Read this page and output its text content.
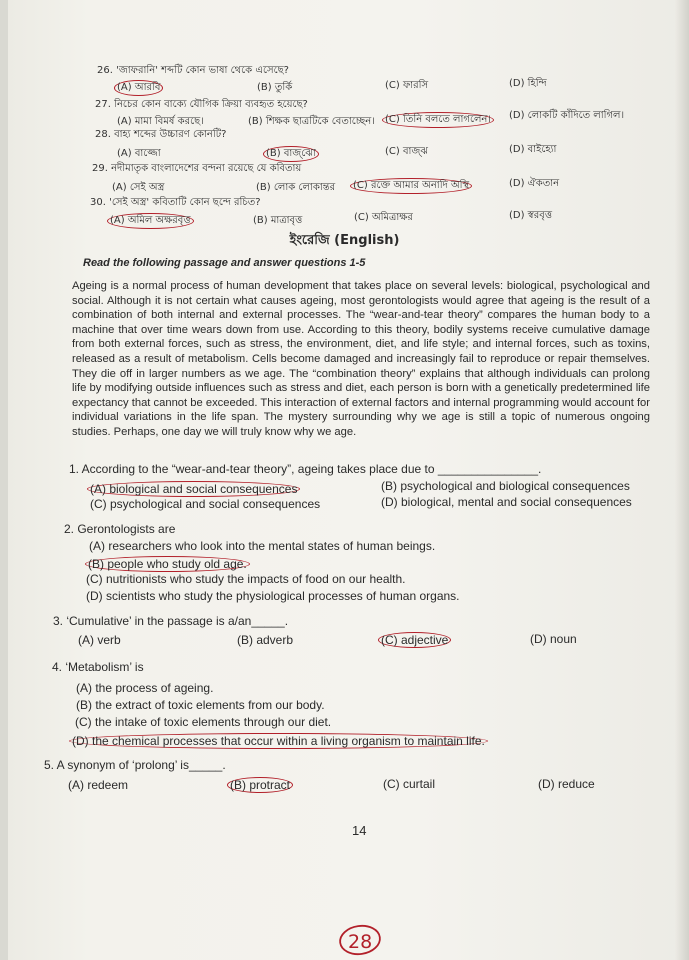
26. 'জাফরানি' শব্দটি কোন ভাষা থেকে এসেছে?
(A) আরবি	(B) তুর্কি	(C) ফারসি	(D) হিন্দি
27. নিচের কোন বাক্যে যৌগিক ক্রিয়া ব্যবহৃত হয়েছে?
(A) মামা বিমর্ষ করছে।	(B) শিক্ষক ছাত্রটিকে বেতাচ্ছেন। (C) তিনি বলতে লাগলেন।	(D) লোকটি কাঁদিতে লাগিল।
28. বাহ্য শব্দের উচ্চারণ কোনটি?
(A) বাজ্জো	(B) বাজ্‌ঝো	(C) বাজ্‌ঝ	(D) বাইহ্যো
29. নদীমাতৃক বাংলাদেশের বন্দনা রয়েছে যে কবিতায়
(A) সেই অস্ত্র	(B) লোক লোকান্তর (C) রক্তে আমার অনাদি অস্থি	(D) ঐকতান
30. 'সেই অস্ত্র' কবিতাটি কোন ছন্দে রচিত?
(A) অমিল অক্ষরবৃত্ত	(B) মাত্রাবৃত্ত	(C) অমিত্রাক্ষর	(D) স্বরবৃত্ত
ইংরেজি (English)
Read the following passage and answer questions 1-5
Ageing is a normal process of human development that takes place on several levels: biological, psychological and social. Although it is not certain what causes ageing, most gerontologists would agree that ageing is the result of a combination of both internal and external processes. The “wear-and-tear theory” compares the human body to a machine that over time wears down from use. According to this theory, bodily systems receive cumulative damage from both external forces, such as stress, the environment, diet, and life style; and internal forces, such as toxins, released as a result of metabolism. Cells become damaged and increasingly fail to reproduce or repair themselves. They die off in larger numbers as we age. The “combination theory” explains that although individuals can prolong life by modifying outside influences such as stress and diet, each person is born with a genetically predetermined life expectancy that cannot be exceeded. This interaction of external factors and internal programming would account for individual variations in the life span. The mystery surrounding why we age is still a topic of numerous ongoing studies. Perhaps, one day we will truly know why we age.
1. According to the “wear-and-tear theory”, ageing takes place due to _______________.
(A) biological and social consequences	(B) psychological and biological consequences
(C) psychological and social consequences	(D) biological, mental and social consequences
2. Gerontologists are
(A) researchers who look into the mental states of human beings.
(B) people who study old age.
(C) nutritionists who study the impacts of food on our health.
(D) scientists who study the physiological processes of human organs.
3. ‘Cumulative’ in the passage is a/an_____.
(A) verb	(B) adverb	(C) adjective	(D) noun
4. ‘Metabolism’ is
(A) the process of ageing.
(B) the extract of toxic elements from our body.
(C) the intake of toxic elements through our diet.
(D) the chemical processes that occur within a living organism to maintain life.
5. A synonym of ‘prolong’ is_____.
(A) redeem	(B) protract	(C) curtail	(D) reduce
14
28
